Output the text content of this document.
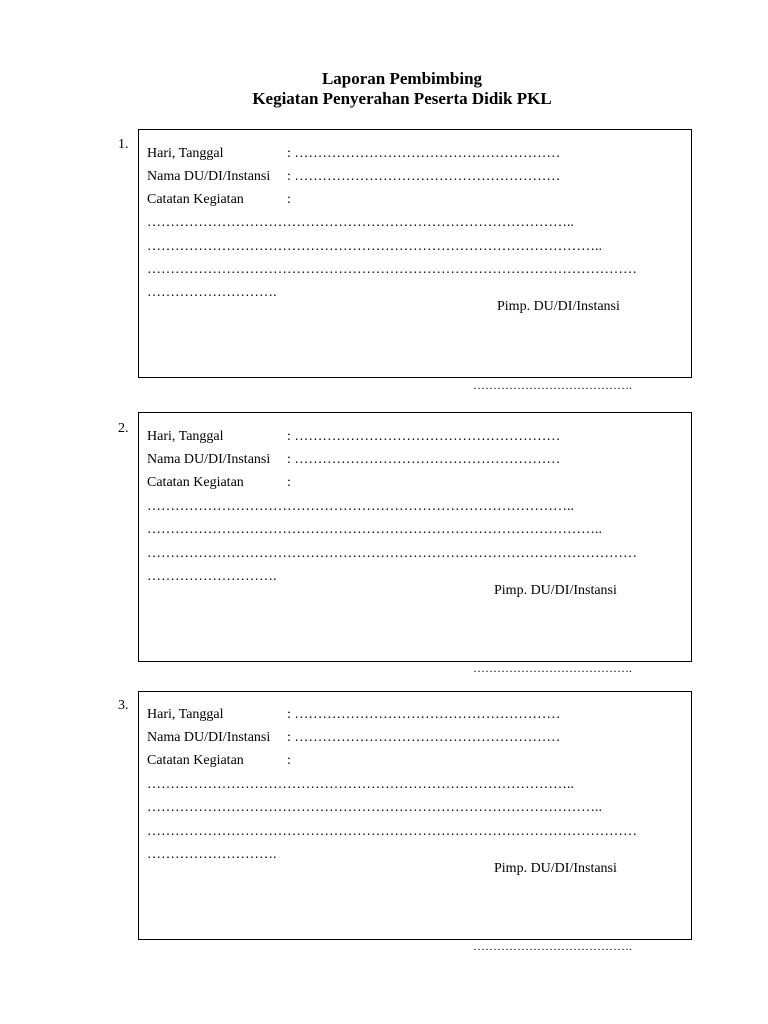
Laporan Pembimbing
Kegiatan Penyerahan Peserta Didik PKL
1.
Hari, Tanggal	: …………………………………………………
Nama DU/DI/Instansi : …………………………………………………
Catatan Kegiatan	:
………………………………………………………………………………..
……………………………………………………………………………………..
……………………………………………………………………………………………
……………………….
Pimp. DU/DI/Instansi
………………………………….
2.
Hari, Tanggal	: …………………………………………………
Nama DU/DI/Instansi : …………………………………………………
Catatan Kegiatan	:
………………………………………………………………………………..
……………………………………………………………………………………..
……………………………………………………………………………………………
……………………….
Pimp. DU/DI/Instansi
………………………………….
3.
Hari, Tanggal	: …………………………………………………
Nama DU/DI/Instansi : …………………………………………………
Catatan Kegiatan	:
………………………………………………………………………………..
……………………………………………………………………………………..
……………………………………………………………………………………………
……………………….
Pimp. DU/DI/Instansi
………………………………….
